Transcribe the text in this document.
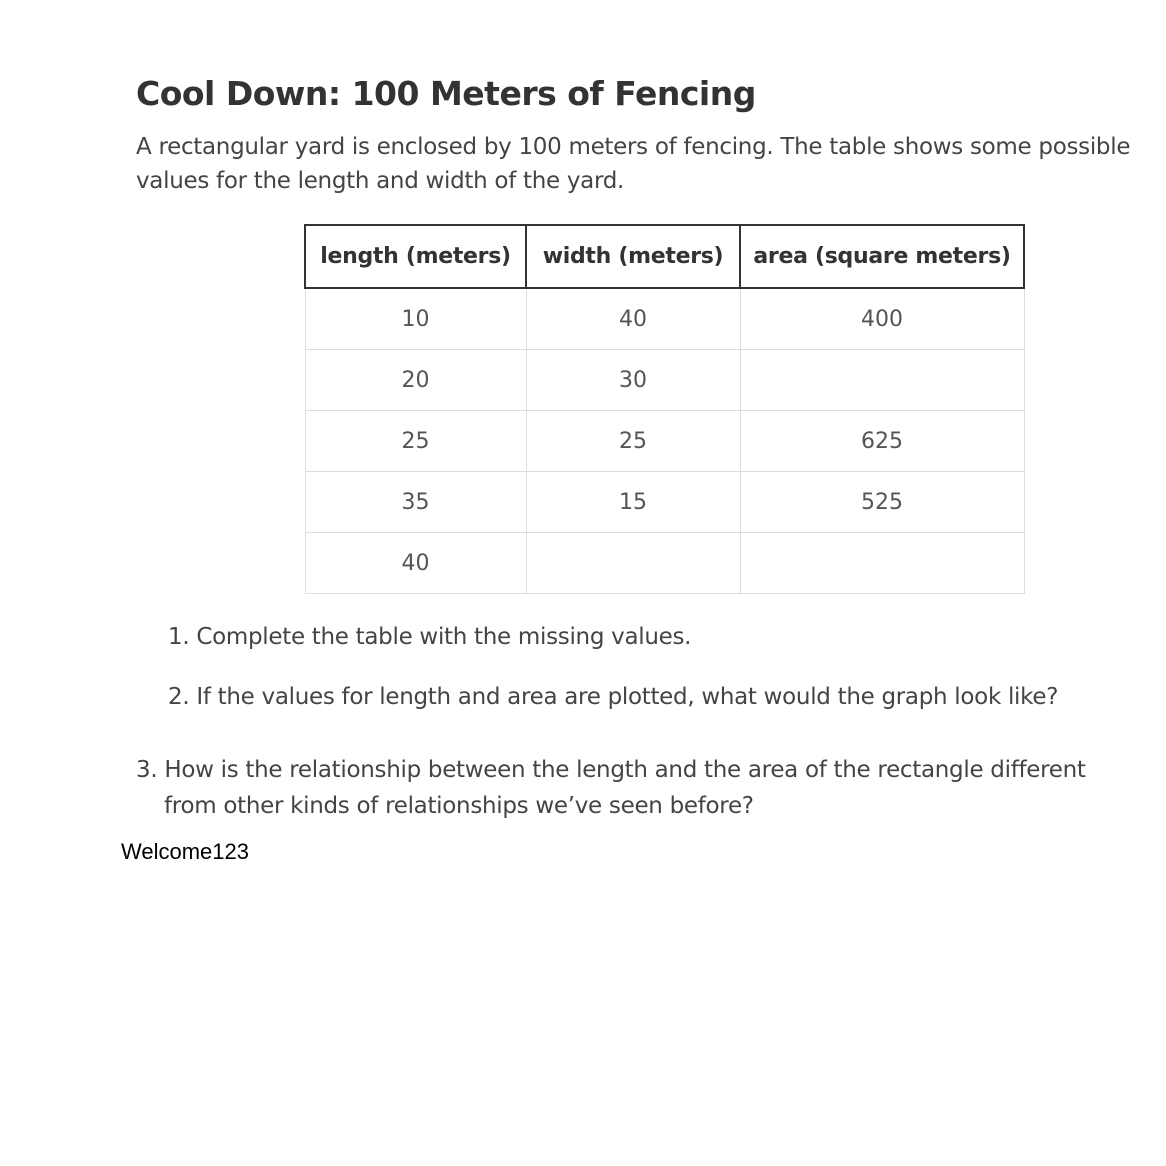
Cool Down: 100 Meters of Fencing

A rectangular yard is enclosed by 100 meters of fencing. The table shows some possible
values for the length and width of the yard.

length (meters)	width (meters)	area (square meters)
10	40	400
20	30	
25	25	625
35	15	525
40		

1. Complete the table with the missing values.

2. If the values for length and area are plotted, what would the graph look like?

3. How is the relationship between the length and the area of the rectangle different
from other kinds of relationships we’ve seen before?

Welcome123
